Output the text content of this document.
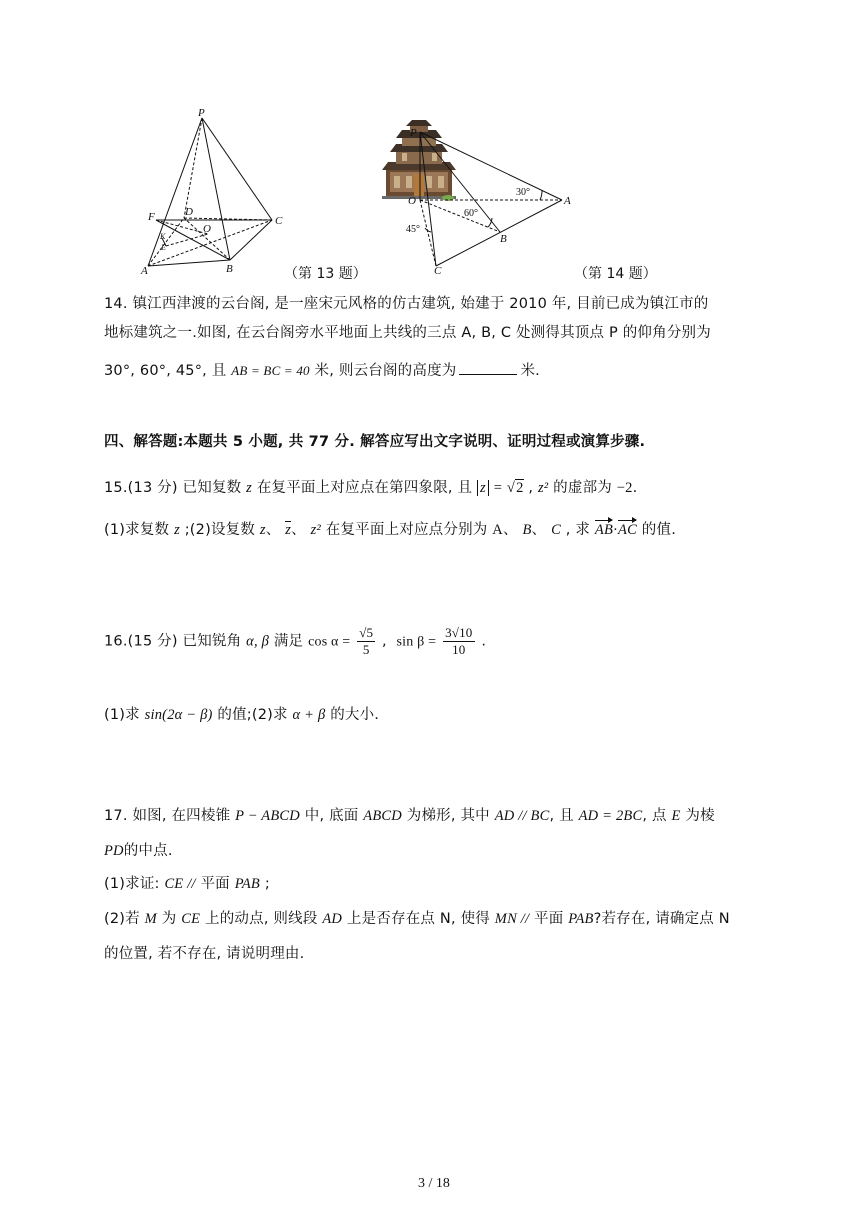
P
D
F	C
O
K
E
A	B	（第 13 题）
P
O	A
B
C
30°
60°
45°
（第 14 题）
14. 镇江西津渡的云台阁, 是一座宋元风格的仿古建筑, 始建于 2010 年, 目前已成为镇江市的
地标建筑之一.如图, 在云台阁旁水平地面上共线的三点 A, B, C 处测得其顶点 P 的仰角分别为
30°, 60°, 45°, 且 AB = BC = 40 米, 则云台阁的高度为	米.
四、解答题:本题共 5 小题, 共 77 分. 解答应写出文字说明、证明过程或演算步骤.
15.(13 分) 已知复数 z 在复平面上对应点在第四象限, 且 z = √2 , z² 的虚部为 −2.
(1)求复数 z ;(2)设复数 z、 z、 z² 在复平面上对应点分别为 A、 B、 C , 求 AB·AC 的值.
16.(15 分) 已知锐角 α, β 满足 $\cos \alpha = \frac{√5}{5}$ , $\sin \beta = \frac{3√10}{10}$ .
(1)求 sin(2α − β) 的值;(2)求 α + β 的大小.
17. 如图, 在四棱锥 P − ABCD 中, 底面 ABCD 为梯形, 其中 AD // BC, 且 AD = 2BC, 点 E 为棱
PD的中点.
(1)求证: CE // 平面 PAB ;
(2)若 M 为 CE 上的动点, 则线段 AD 上是否存在点 N, 使得 MN // 平面 PAB?若存在, 请确定点 N
的位置, 若不存在, 请说明理由.
3 / 18
